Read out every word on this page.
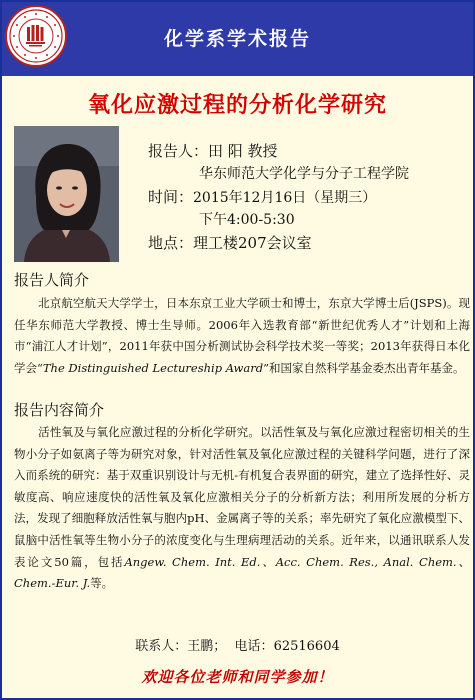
化学系学术报告
氧化应激过程的分析化学研究
报告人：田 阳 教授
华东师范大学化学与分子工程学院
时间：2015年12月16日（星期三）
下午4:00-5:30
地点：理工楼207会议室
报告人简介
北京航空航天大学学士，日本东京工业大学硕士和博士，东京大学博士后(JSPS)。现任华东师范大学教授、博士生导师。2006年入选教育部“新世纪优秀人才”计划和上海市“浦江人才计划”，2011年获中国分析测试协会科学技术奖一等奖；2013年获得日本化学会“The Distinguished Lectureship Award”和国家自然科学基金委杰出青年基金。
报告内容简介
活性氧及与氧化应激过程的分析化学研究。以活性氧及与氧化应激过程密切相关的生物小分子如氨离子等为研究对象，针对活性氧及氧化应激过程的关键科学问题，进行了深入而系统的研究：基于双重识别设计与无机-有机复合表界面的研究，建立了选择性好、灵敏度高、响应速度快的活性氧及氧化应激相关分子的分析新方法；利用所发展的分析方法，发现了细胞释放活性氧与胞内pH、金属离子等的关系；率先研究了氧化应激模型下、鼠脑中活性氧等生物小分子的浓度变化与生理病理活动的关系。近年来，以通讯联系人发表论文50篇，包括Angew. Chem. Int. Ed.、Acc. Chem. Res., Anal. Chem.、Chem.-Eur. J.等。
联系人：王鹏； 电话：62516604
欢迎各位老师和同学参加！
